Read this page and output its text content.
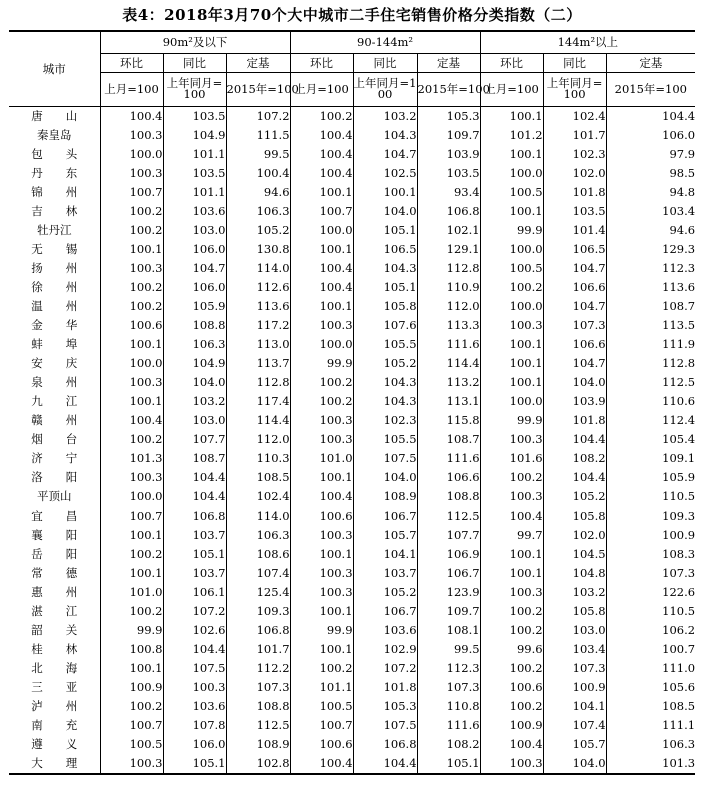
表4：2018年3月70个大中城市二手住宅销售价格分类指数（二）
城市	90m²及以下			90-144m²			144m²以上		
	环比	同比	定基	环比	同比	定基	环比	同比	定基
	上月=100	上年同月=100	2015年=100	上月=100	上年同月=100	2015年=100	上月=100	上年同月=100	2015年=100
唐　　山	100.4	103.5	107.2	100.2	103.2	105.3	100.1	102.4	104.4
秦皇岛	100.3	104.9	111.5	100.4	104.3	109.7	101.2	101.7	106.0
包　　头	100.0	101.1	99.5	100.4	104.7	103.9	100.1	102.3	97.9
丹　　东	100.3	103.5	100.4	100.4	102.5	103.5	100.0	102.0	98.5
锦　　州	100.7	101.1	94.6	100.1	100.1	93.4	100.5	101.8	94.8
吉　　林	100.2	103.6	106.3	100.7	104.0	106.8	100.1	103.5	103.4
牡丹江	100.2	103.0	105.2	100.0	105.1	102.1	99.9	101.4	94.6
无　　锡	100.1	106.0	130.8	100.1	106.5	129.1	100.0	106.5	129.3
扬　　州	100.3	104.7	114.0	100.4	104.3	112.8	100.5	104.7	112.3
徐　　州	100.2	106.0	112.6	100.4	105.1	110.9	100.2	106.6	113.6
温　　州	100.2	105.9	113.6	100.1	105.8	112.0	100.0	104.7	108.7
金　　华	100.6	108.8	117.2	100.3	107.6	113.3	100.3	107.3	113.5
蚌　　埠	100.1	106.3	113.0	100.0	105.5	111.6	100.1	106.6	111.9
安　　庆	100.0	104.9	113.7	99.9	105.2	114.4	100.1	104.7	112.8
泉　　州	100.3	104.0	112.8	100.2	104.3	113.2	100.1	104.0	112.5
九　　江	100.1	103.2	117.4	100.2	104.3	113.1	100.0	103.9	110.6
赣　　州	100.4	103.0	114.4	100.3	102.3	115.8	99.9	101.8	112.4
烟　　台	100.2	107.7	112.0	100.3	105.5	108.7	100.3	104.4	105.4
济　　宁	101.3	108.7	110.3	101.0	107.5	111.6	101.6	108.2	109.1
洛　　阳	100.3	104.4	108.5	100.1	104.0	106.6	100.2	104.4	105.9
平顶山	100.0	104.4	102.4	100.4	108.9	108.8	100.3	105.2	110.5
宜　　昌	100.7	106.8	114.0	100.6	106.7	112.5	100.4	105.8	109.3
襄　　阳	100.1	103.7	106.3	100.3	105.7	107.7	99.7	102.0	100.9
岳　　阳	100.2	105.1	108.6	100.1	104.1	106.9	100.1	104.5	108.3
常　　德	100.1	103.7	107.4	100.3	103.7	106.7	100.1	104.8	107.3
惠　　州	101.0	106.1	125.4	100.3	105.2	123.9	100.3	103.2	122.6
湛　　江	100.2	107.2	109.3	100.1	106.7	109.7	100.2	105.8	110.5
韶　　关	99.9	102.6	106.8	99.9	103.6	108.1	100.2	103.0	106.2
桂　　林	100.8	104.4	101.7	100.1	102.9	99.5	99.6	103.4	100.7
北　　海	100.1	107.5	112.2	100.2	107.2	112.3	100.2	107.3	111.0
三　　亚	100.9	100.3	107.3	101.1	101.8	107.3	100.6	100.9	105.6
泸　　州	100.2	103.6	108.8	100.5	105.3	110.8	100.2	104.1	108.5
南　　充	100.7	107.8	112.5	100.7	107.5	111.6	100.9	107.4	111.1
遵　　义	100.5	106.0	108.9	100.6	106.8	108.2	100.4	105.7	106.3
大　　理	100.3	105.1	102.8	100.4	104.4	105.1	100.3	104.0	101.3
